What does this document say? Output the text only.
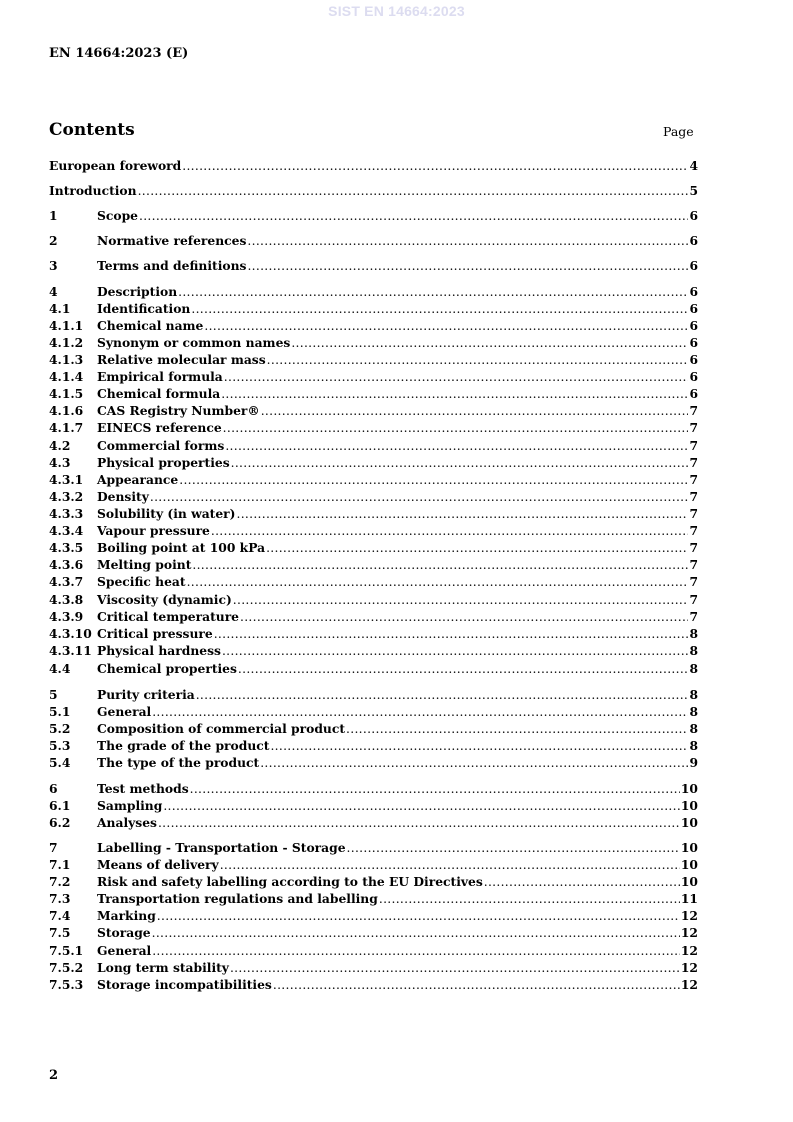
SIST EN 14664:2023
EN 14664:2023 (E)
Contents	Page
European foreword .....	4
Introduction .....	5
1	Scope .....	6
2	Normative references .....	6
3	Terms and definitions .....	6
4	Description .....	6
4.1	Identification .....	6
4.1.1	Chemical name .....	6
4.1.2	Synonym or common names .....	6
4.1.3	Relative molecular mass .....	6
4.1.4	Empirical formula .....	6
4.1.5	Chemical formula .....	6
4.1.6	CAS Registry Number® .....	7
4.1.7	EINECS reference .....	7
4.2	Commercial forms .....	7
4.3	Physical properties .....	7
4.3.1	Appearance .....	7
4.3.2	Density .....	7
4.3.3	Solubility (in water) .....	7
4.3.4	Vapour pressure .....	7
4.3.5	Boiling point at 100 kPa .....	7
4.3.6	Melting point .....	7
4.3.7	Specific heat .....	7
4.3.8	Viscosity (dynamic) .....	7
4.3.9	Critical temperature .....	7
4.3.10 Critical pressure .....	8
4.3.11 Physical hardness .....	8
4.4	Chemical properties .....	8
5	Purity criteria .....	8
5.1	General .....	8
5.2	Composition of commercial product .....	8
5.3	The grade of the product .....	8
5.4	The type of the product .....	9
6	Test methods .....	10
6.1	Sampling .....	10
6.2	Analyses .....	10
7	Labelling - Transportation - Storage .....	10
7.1	Means of delivery .....	10
7.2	Risk and safety labelling according to the EU Directives .....	10
7.3	Transportation regulations and labelling .....	11
7.4	Marking .....	12
7.5	Storage .....	12
7.5.1	General .....	12
7.5.2	Long term stability .....	12
7.5.3	Storage incompatibilities .....	12
2
